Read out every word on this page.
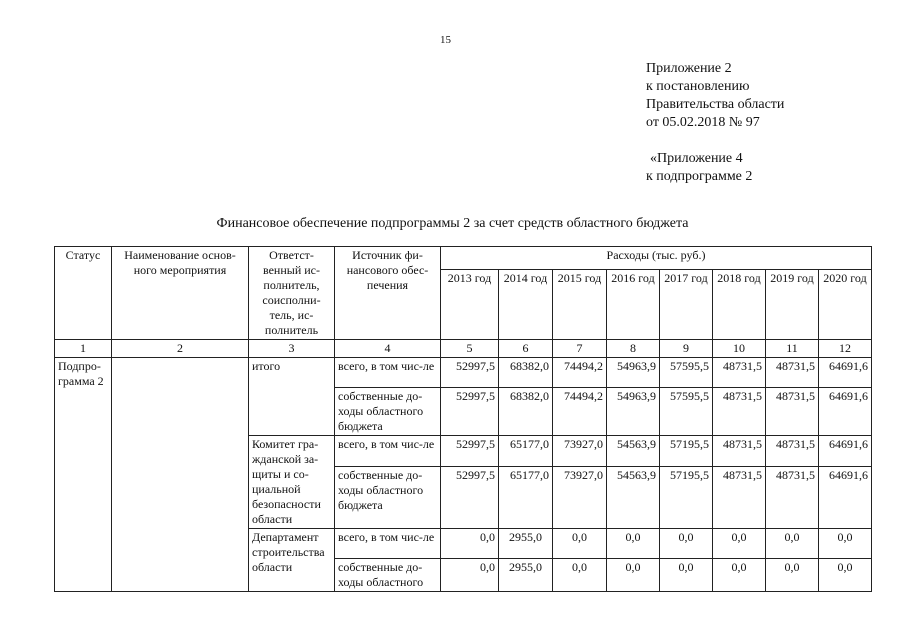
15
Приложение 2
к постановлению
Правительства области
от 05.02.2018 № 97
«Приложение 4
к подпрограмме 2
Финансовое обеспечение подпрограммы 2 за счет средств областного бюджета
Статус	Наименование основ-ного мероприятия	Ответст-венный ис-полнитель, соисполни-тель, ис-полнитель	Источник фи-нансового обес-печения	Расходы (тыс. руб.)							
				2013 год	2014 год	2015 год	2016 год	2017 год	2018 год	2019 год	2020 год
1	2	3	4	5	6	7	8	9	10	11	12
Подпро-грамма 2		итого	всего, в том чис-ле	52997,5	68382,0	74494,2	54963,9	57595,5	48731,5	48731,5	64691,6
			собственные до-ходы областного бюджета	52997,5	68382,0	74494,2	54963,9	57595,5	48731,5	48731,5	64691,6
		Комитет гра-жданской за-щиты и со-циальной безопасности области	всего, в том чис-ле	52997,5	65177,0	73927,0	54563,9	57195,5	48731,5	48731,5	64691,6
			собственные до-ходы областного бюджета	52997,5	65177,0	73927,0	54563,9	57195,5	48731,5	48731,5	64691,6
		Департамент строительства области	всего, в том чис-ле	0,0	2955,0	0,0	0,0	0,0	0,0	0,0	0,0
			собственные до-ходы областного	0,0	2955,0	0,0	0,0	0,0	0,0	0,0	0,0
